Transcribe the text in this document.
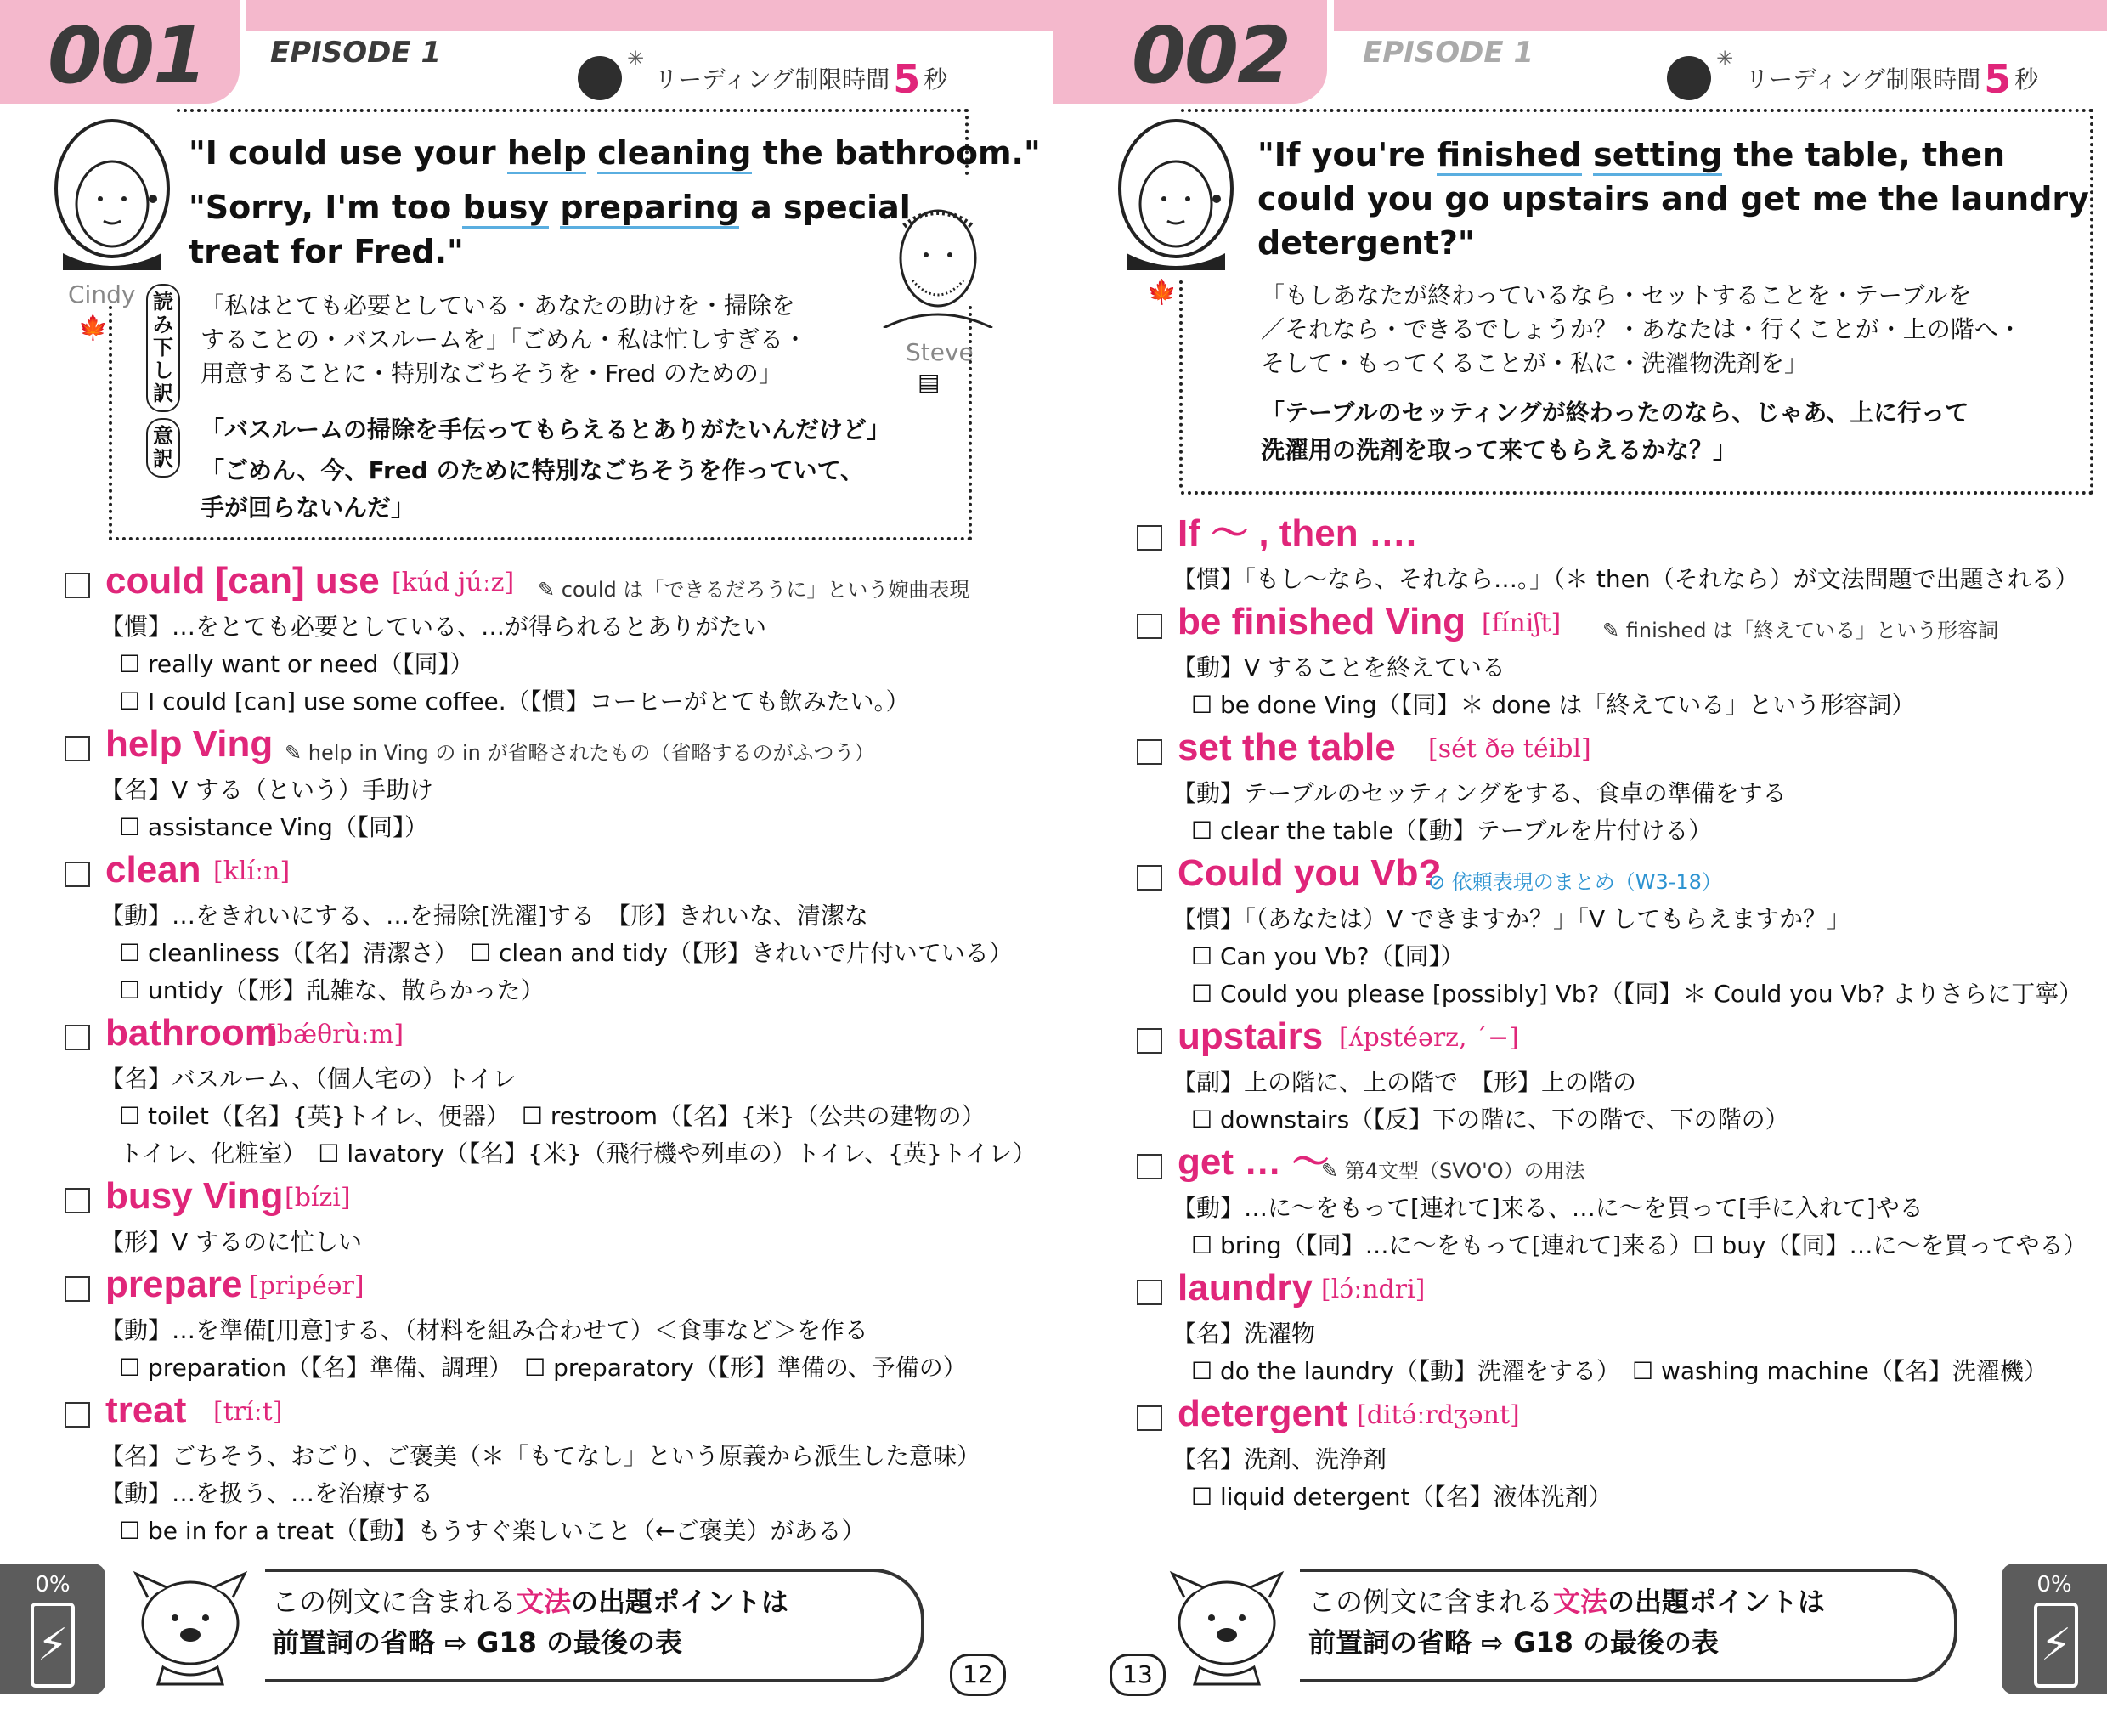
001 EPISODE 1	✳
リーディング制限時間5 秒
Cindy
🍁
Steve
▤
"I could use your help cleaning the bathroom."
"Sorry, I'm too busy preparing a special
treat for Fred."
読み下し訳
「私はとても必要としている・あなたの助けを・掃除を
することの・バスルームを」「ごめん・私は忙しすぎる・
用意することに・特別なごちそうを・Fred のための」
意訳
「バスルームの掃除を手伝ってもらえるとありがたいんだけど」
「ごめん、今、Fred のために特別なごちそうを作っていて、
手が回らないんだ」
could [can] use [kúd júːz] ✎ could は「できるだろうに」という婉曲表現
【慣】…をとても必要としている、…が得られるとありがたい
☐ really want or need（【同】）
☐ I could [can] use some coffee.（【慣】コーヒーがとても飲みたい。）
help Ving ✎ help in Ving の in が省略されたもの（省略するのがふつう）
【名】V する（という）手助け
☐ assistance Ving（【同】）
clean [klíːn]
【動】…をきれいにする、…を掃除[洗濯]する　【形】きれいな、清潔な
☐ cleanliness（【名】清潔さ）　☐ clean and tidy（【形】きれいで片付いている）
☐ untidy（【形】乱雑な、散らかった）
bathroom
[bǽθrùːm]
【名】バスルーム、（個人宅の）トイレ
☐ toilet（【名】{英}トイレ、便器）　☐ restroom（【名】{米}（公共の建物の）
トイレ、化粧室）　☐ lavatory（【名】{米}（飛行機や列車の）トイレ、{英}トイレ）
busy Ving [bízi]
【形】V するのに忙しい
prepare [pripéər]
【動】…を準備[用意]する、（材料を組み合わせて）＜食事など＞を作る
☐ preparation（【名】準備、調理）　☐ preparatory（【形】準備の、予備の）
treat [tríːt]
【名】ごちそう、おごり、ご褒美（＊「もてなし」という原義から派生した意味）
【動】…を扱う、…を治療する
☐ be in for a treat（【動】もうすぐ楽しいこと（←ご褒美）がある）
0%
⚡
この例文に含まれる文法の出題ポイントは
前置詞の省略 ⇨ G18 の最後の表
12
002	EPISODE 1	✳
リーディング制限時間5 秒
🍁
"If you're finished setting the table, then
could you go upstairs and get me the laundry
detergent?"
「もしあなたが終わっているなら・セットすることを・テーブルを
／それなら・できるでしょうか？・あなたは・行くことが・上の階へ・
そして・もってくることが・私に・洗濯物洗剤を」
「テーブルのセッティングが終わったのなら、じゃあ、上に行って
洗濯用の洗剤を取って来てもらえるかな？」
If ～ , then ….
【慣】「もし～なら、それなら…。」（＊ then（それなら）が文法問題で出題される）
be finished Ving [fíniʃt] ✎ finished は「終えている」という形容詞
【動】V することを終えている
☐ be done Ving（【同】＊ done は「終えている」という形容詞）
set the table [sét ðə téibl]
【動】テーブルのセッティングをする、食卓の準備をする
☐ clear the table（【動】テーブルを片付ける）
Could you Vb?
⊘ 依頼表現のまとめ（W3-18）
【慣】「（あなたは）V できますか？」「V してもらえますか？」
☐ Can you Vb?（【同】）
☐ Could you please [possibly] Vb?（【同】＊ Could you Vb? よりさらに丁寧）
upstairs [ʌ́pstéərz, ˊ−]
【副】上の階に、上の階で　【形】上の階の
☐ downstairs（【反】下の階に、下の階で、下の階の）
get … ～
✎ 第4文型（SVO'O）の用法
【動】…に～をもって[連れて]来る、…に～を買って[手に入れて]やる
☐ bring（【同】…に～をもって[連れて]来る）☐ buy（【同】…に～を買ってやる）
laundry [lɔ́ːndri]
【名】洗濯物
☐ do the laundry（【動】洗濯をする）　☐ washing machine（【名】洗濯機）
detergent [ditə́ːrdʒənt]
【名】洗剤、洗浄剤
☐ liquid detergent（【名】液体洗剤）
この例文に含まれる文法の出題ポイントは
前置詞の省略 ⇨ G18 の最後の表
13
0%
⚡
